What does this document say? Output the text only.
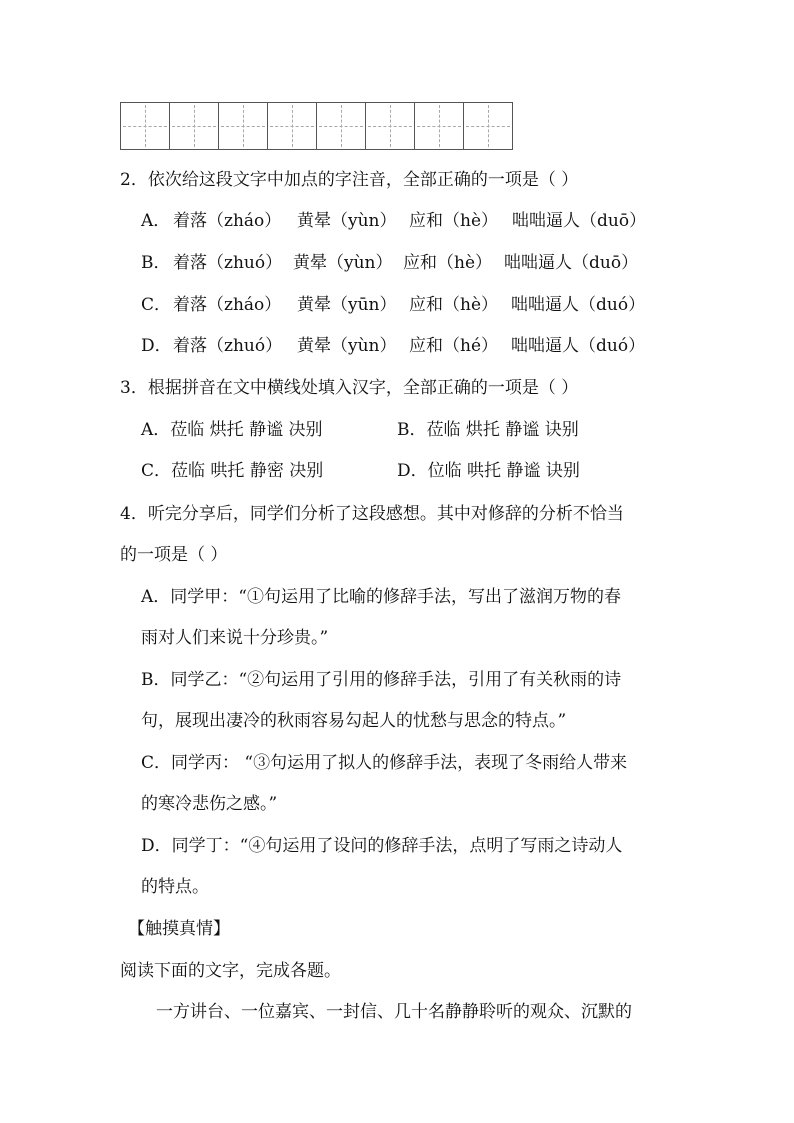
2．依次给这段文字中加点的字注音，全部正确的一项是（ ）

A． 着落（zháo） 黄晕（yùn） 应和（hè） 咄咄逼人（duō）
B． 着落（zhuó） 黄晕（yùn） 应和（hè） 咄咄逼人（duō）
C． 着落（zháo） 黄晕（yūn） 应和（hè） 咄咄逼人（duó）
D．着落（zhuó） 黄晕（yùn） 应和（hé） 咄咄逼人（duó）

3．根据拼音在文中横线处填入汉字，全部正确的一项是（ ）

A．莅临 烘托 静谧 决别	B．莅临 烘托 静谧 诀别

C．莅临 哄托 静密 决别	D．位临 哄托 静谧 诀别

4．听完分享后，同学们分析了这段感想。其中对修辞的分析不恰当

的一项是（ ）

A．同学甲：“①句运用了比喻的修辞手法，写出了滋润万物的春

雨对人们来说十分珍贵。”

B．同学乙：“②句运用了引用的修辞手法，引用了有关秋雨的诗

句，展现出凄冷的秋雨容易勾起人的忧愁与思念的特点。”

C．同学丙： “③句运用了拟人的修辞手法，表现了冬雨给人带来

的寒冷悲伤之感。”

D．同学丁：“④句运用了设问的修辞手法，点明了写雨之诗动人

的特点。

【触摸真情】

阅读下面的文字，完成各题。

一方讲台、一位嘉宾、一封信、几十名静静聆听的观众、沉默的
